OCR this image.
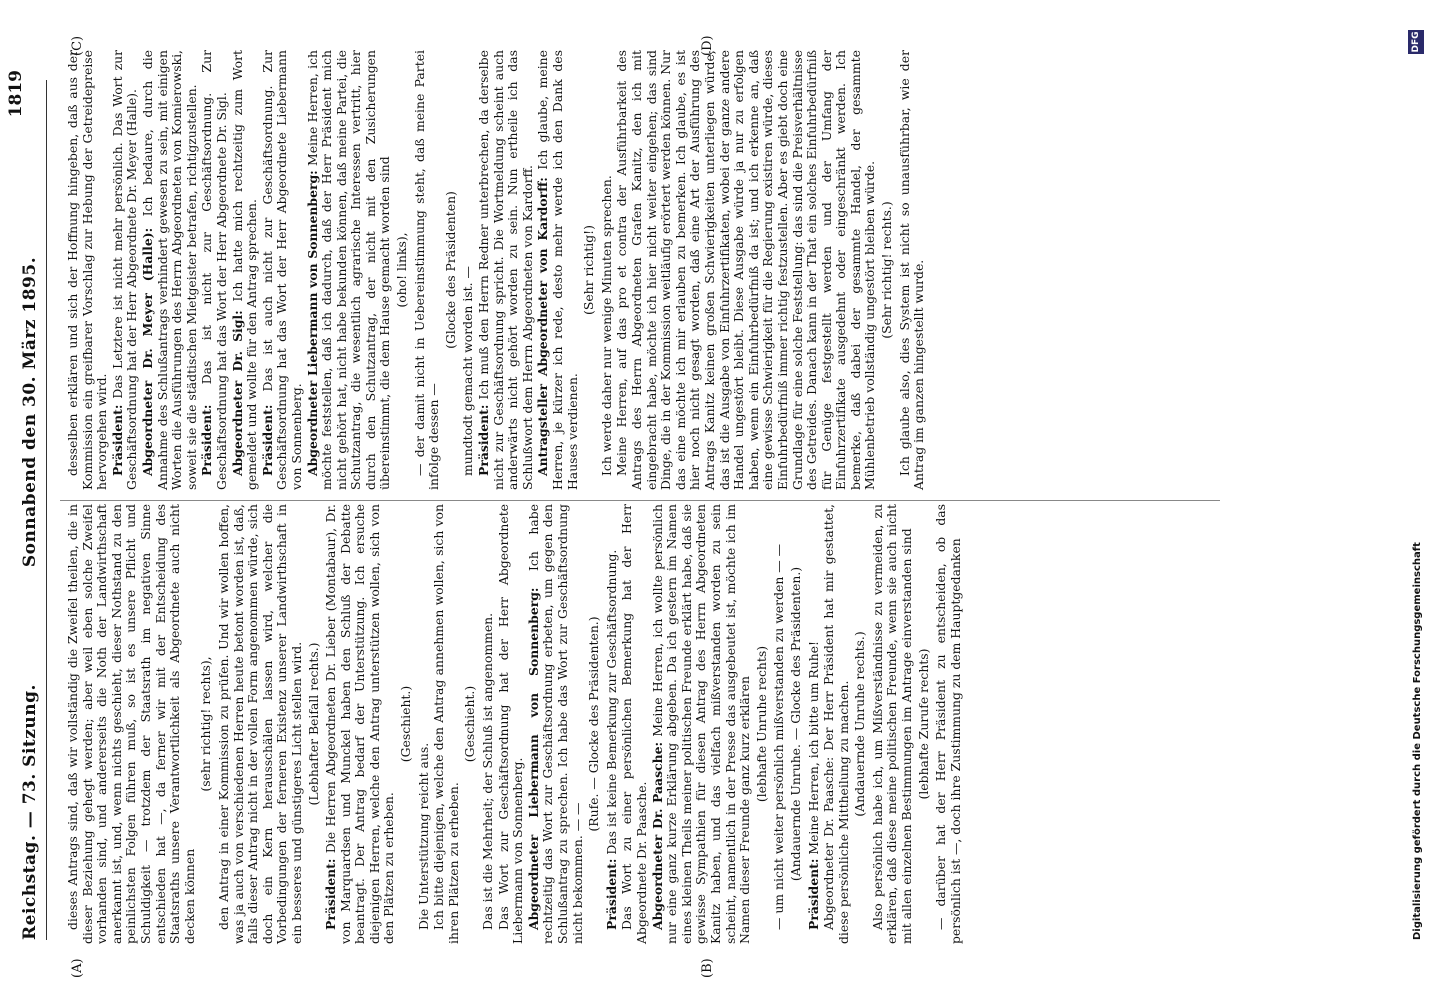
Reichstag. — 73. Sitzung.
Sonnabend den 30. März 1895.
1819
(A)	(B)
(C)	(D)

dieses Antrags sind, daß wir vollständig die Zweifel theilen, die in dieser Beziehung gehegt werden; aber weil eben solche Zweifel vorhanden sind, und andererseits die Noth der Landwirthschaft anerkannt ist, und, wenn nichts geschieht, dieser Nothstand zu den peinlichsten Folgen führen muß, so ist es unsere Pflicht und Schuldigkeit — trotzdem der Staatsrath im negativen Sinne entschieden hat —, da ferner wir mit der Entscheidung des Staatsraths unsere Verantwortlichkeit als Abgeordnete auch nicht decken können

(sehr richtig! rechts), den Antrag in einer Kommission zu prüfen. Und wir wollen hoffen, was ja auch von verschiedenen Herren heute betont worden ist, daß, falls dieser Antrag nicht in der vollen Form angenommen würde, sich doch ein Kern herausschälen lassen wird, welcher die Vorbedingungen der ferneren Existenz unserer Landwirthschaft in ein besseres und günstigeres Licht stellen wird. (Lebhafter Beifall rechts.)

Präsident: Die Herren Abgeordneten Dr. Lieber (Montabaur), Dr. von Marquardsen und Munckel haben den Schluß der Debatte beantragt. Der Antrag bedarf der Unterstützung. Ich ersuche diejenigen Herren, welche den Antrag unterstützen wollen, sich von den Plätzen zu erheben.

(Geschieht.)

Die Unterstützung reicht aus. Ich bitte diejenigen, welche den Antrag annehmen wollen, sich von ihren Plätzen zu erheben.

(Geschieht.) Das ist die Mehrheit; der Schluß ist angenommen. Das Wort zur Geschäftsordnung hat der Herr Abgeordnete Liebermann von Sonnenberg. Abgeordneter Liebermann von Sonnenberg: Ich habe rechtzeitig das Wort zur Geschäftsordnung erbeten, um gegen den Schlußantrag zu sprechen. Ich habe das Wort zur Geschäftsordnung nicht bekommen. — —

(Rufe. — Glocke des Präsidenten.)

Präsident: Das ist keine Bemerkung zur Geschäftsordnung. Das Wort zu einer persönlichen Bemerkung hat der Herr Abgeordnete Dr. Paasche. Abgeordneter Dr. Paasche: Meine Herren, ich wollte persönlich nur eine ganz kurze Erklärung abgeben. Da ich gestern im Namen eines kleinen Theils meiner politischen Freunde erklärt habe, daß sie gewisse Sympathien für diesen Antrag des Herrn Abgeordneten Kanitz haben, und das vielfach mißverstanden worden zu sein scheint, namentlich in der Presse das ausgebeutet ist, möchte ich im Namen dieser Freunde ganz kurz erklären (lebhafte Unruhe rechts) — um nicht weiter persönlich mißverstanden zu werden — — (Andauernde Unruhe. — Glocke des Präsidenten.)

Präsident: Meine Herren, ich bitte um Ruhe! Abgeordneter Dr. Paasche: Der Herr Präsident hat mir gestattet, diese persönliche Mittheilung zu machen. (Andauernde Unruhe rechts.) Also persönlich habe ich, um Mißverständnisse zu vermeiden, zu erklären, daß diese meine politischen Freunde, wenn sie auch nicht mit allen einzelnen Bestimmungen im Antrage einverstanden sind (lebhafte Zurufe rechts) — darüber hat der Herr Präsident zu entscheiden, ob das persönlich ist —, doch ihre Zustimmung zu dem Hauptgedanken

desselben erklären und sich der Hoffnung hingeben, daß aus der Kommission ein greifbarer Vorschlag zur Hebung der Getreidepreise hervorgehen wird. Präsident: Das Letztere ist nicht mehr persönlich. Das Wort zur Geschäftsordnung hat der Herr Abgeordnete Dr. Meyer (Halle). Abgeordneter Dr. Meyer (Halle): Ich bedaure, durch die Annahme des Schlußantrags verhindert gewesen zu sein, mit einigen Worten die Ausführungen des Herrn Abgeordneten von Komierowski, soweit sie die städtischen Mietgeister betrafen, richtigzustellen. Präsident: Das ist nicht zur Geschäftsordnung. Zur Geschäftsordnung hat das Wort der Herr Abgeordnete Dr. Sigl. Abgeordneter Dr. Sigl: Ich hatte mich rechtzeitig zum Wort gemeldet und wollte für den Antrag sprechen. Präsident: Das ist auch nicht zur Geschäftsordnung. Zur Geschäftsordnung hat das Wort der Herr Abgeordnete Liebermann von Sonnenberg. Abgeordneter Liebermann von Sonnenberg: Meine Herren, ich möchte feststellen, daß ich dadurch, daß der Herr Präsident mich nicht gehört hat, nicht habe bekunden können, daß meine Partei, die Schutzantrag, die wesentlich agrarische Interessen vertritt, hier durch den Schutzantrag, der nicht mit den Zusicherungen übereinstimmt, die dem Hause gemacht worden sind (oho! links), — der damit nicht in Uebereinstimmung steht, daß meine Partei infolge dessen —

(Glocke des Präsidenten) mundtodt gemacht worden ist. — Präsident: Ich muß den Herrn Redner unterbrechen, da derselbe nicht zur Geschäftsordnung spricht. Die Wortmeldung scheint auch anderwärts nicht gehört worden zu sein. Nun ertheile ich das Schlußwort dem Herrn Abgeordneten von Kardorff. Antragsteller Abgeordneter von Kardorff: Ich glaube, meine Herren, je kürzer ich rede, desto mehr werde ich den Dank des Hauses verdienen.

(Sehr richtig!) Ich werde daher nur wenige Minuten sprechen. Meine Herren, auf das pro et contra der Ausführbarkeit des Antrags des Herrn Abgeordneten Grafen Kanitz, den ich mit eingebracht habe, möchte ich hier nicht weiter eingehen; das sind Dinge, die in der Kommission weitläufig erörtert werden können. Nur das eine möchte ich mir erlauben zu bemerken. Ich glaube, es ist hier noch nicht gesagt worden, daß eine Art der Ausführung des Antrags Kanitz keinen großen Schwierigkeiten unterliegen würde; das ist die Ausgabe von Einfuhrzertifikaten, wobei der ganze andere Handel ungestört bleibt. Diese Ausgabe würde ja nur zu erfolgen haben, wenn ein Einfuhrbedürfniß da ist; und ich erkenne an, daß eine gewisse Schwierigkeit für die Regierung existiren würde, dieses Einfuhrbedürfniß immer richtig festzustellen. Aber es giebt doch eine Grundlage für eine solche Feststellung: das sind die Preisverhältnisse des Getreides. Danach kann in der That ein solches Einfuhrbedürfniß für Genüge festgestellt werden und der Umfang der Einfuhrzertifikate ausgedehnt oder eingeschränkt werden. Ich bemerke, daß dabei der gesammte Handel, der gesammte Mühlenbetrieb vollständig ungestört bleiben würde. (Sehr richtig! rechts.) Ich glaube also, dies System ist nicht so unausführbar, wie der Antrag im ganzen hingestellt wurde.

Digitalisierung gefördert durch die Deutsche Forschungsgemeinschaft
DFG
